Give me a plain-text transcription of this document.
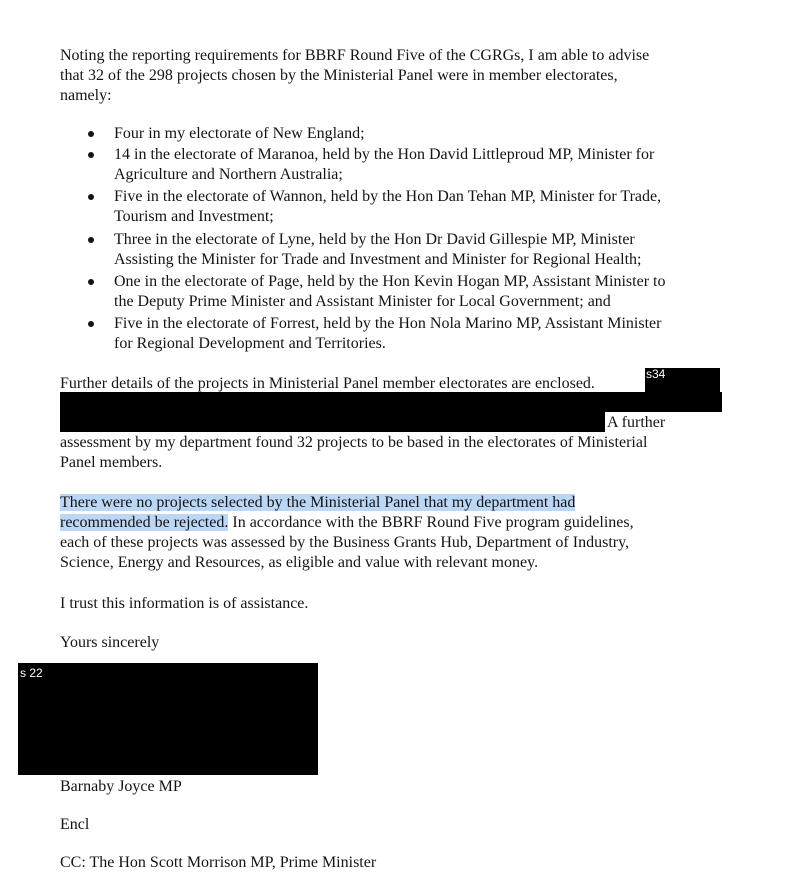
Noting the reporting requirements for BBRF Round Five of the CGRGs, I am able to advise
that 32 of the 298 projects chosen by the Ministerial Panel were in member electorates,
namely:
Four in my electorate of New England;
14 in the electorate of Maranoa, held by the Hon David Littleproud MP, Minister for
Agriculture and Northern Australia;
Five in the electorate of Wannon, held by the Hon Dan Tehan MP, Minister for Trade,
Tourism and Investment;
Three in the electorate of Lyne, held by the Hon Dr David Gillespie MP, Minister
Assisting the Minister for Trade and Investment and Minister for Regional Health;
One in the electorate of Page, held by the Hon Kevin Hogan MP, Assistant Minister to
the Deputy Prime Minister and Assistant Minister for Local Government; and
Five in the electorate of Forrest, held by the Hon Nola Marino MP, Assistant Minister
for Regional Development and Territories.
Further details of the projects in Ministerial Panel member electorates are enclosed.
s34
A further
assessment by my department found 32 projects to be based in the electorates of Ministerial
Panel members.
There were no projects selected by the Ministerial Panel that my department had
recommended be rejected. In accordance with the BBRF Round Five program guidelines,
each of these projects was assessed by the Business Grants Hub, Department of Industry,
Science, Energy and Resources, as eligible and value with relevant money.
I trust this information is of assistance.
Yours sincerely
s 22
Barnaby Joyce MP
Encl
CC: The Hon Scott Morrison MP, Prime Minister
